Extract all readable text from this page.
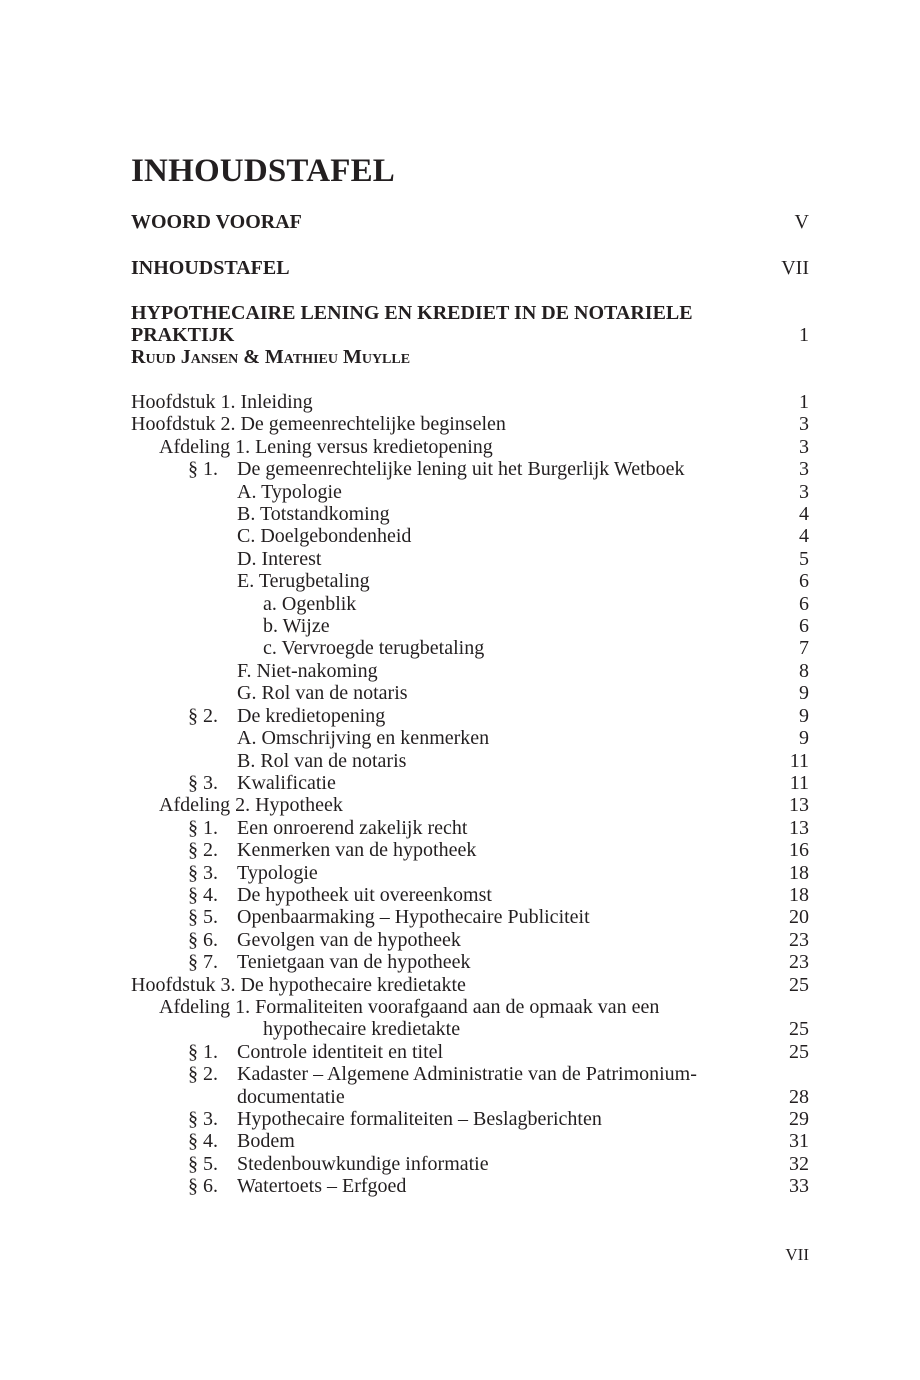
INHOUDSTAFEL
WOORD VOORAF	V
INHOUDSTAFEL	VII
HYPOTHECAIRE LENING EN KREDIET IN DE NOTARIELE
PRAKTIJK	1
Ruud Jansen & Mathieu Muylle
Hoofdstuk 1. Inleiding	1
Hoofdstuk 2. De gemeenrechtelijke beginselen	3
Afdeling 1. Lening versus kredietopening	3
§ 1. De gemeenrechtelijke lening uit het Burgerlijk Wetboek	3
A. Typologie	3
B. Totstandkoming	4
C. Doelgebondenheid	4
D. Interest	5
E. Terugbetaling	6
a. Ogenblik	6
b. Wijze	6
c. Vervroegde terugbetaling	7
F. Niet-nakoming	8
G. Rol van de notaris	9
§ 2. De kredietopening	9
A. Omschrijving en kenmerken	9
B. Rol van de notaris	11
§ 3. Kwalificatie	11
Afdeling 2. Hypotheek	13
§ 1. Een onroerend zakelijk recht	13
§ 2. Kenmerken van de hypotheek	16
§ 3. Typologie	18
§ 4. De hypotheek uit overeenkomst	18
§ 5. Openbaarmaking – Hypothecaire Publiciteit	20
§ 6. Gevolgen van de hypotheek	23
§ 7. Tenietgaan van de hypotheek	23
Hoofdstuk 3. De hypothecaire kredietakte	25
Afdeling 1. Formaliteiten voorafgaand aan de opmaak van een
hypothecaire kredietakte	25
§ 1. Controle identiteit en titel	25
§ 2. Kadaster – Algemene Administratie van de Patrimonium-
documentatie	28
§ 3. Hypothecaire formaliteiten – Beslagberichten	29
§ 4. Bodem	31
§ 5. Stedenbouwkundige informatie	32
§ 6. Watertoets – Erfgoed	33
VII
